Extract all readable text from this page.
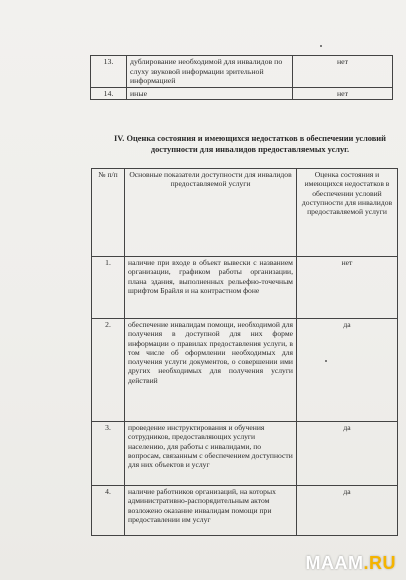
13.	дублирование необходимой для инвалидов по слуху звуковой информации зрительной информацией	нет
14.	иные	нет
IV. Оценка состояния и имеющихся недостатков в обеспечении условий доступности для инвалидов предоставляемых услуг.
№ п/п	Основные показатели доступности для инвалидов предоставляемой услуги	Оценка состояния и имеющихся недостатков в обеспечении условий доступности для инвалидов предоставляемой услуги
1.	наличие при входе в объект вывески с названием организации, графиком работы организации, плана здания, выполненных рельефно-точечным шрифтом Брайля и на контрастном фоне	нет
2.	обеспечение инвалидам помощи, необходимой для получения в доступной для них форме информации о правилах предоставления услуги, в том числе об оформлении необходимых для получения услуги документов, о совершении ими других необходимых для получения услуги действий	да
3.	проведение инструктирования и обучения сотрудников, предоставляющих услуги населению, для работы с инвалидами, по вопросам, связанным с обеспечением доступности для них объектов и услуг	да
4.	наличие работников организаций, на которых административно-распорядительным актом возложено оказание инвалидам помощи при предоставлении им услуг	да
MAAM.RU
